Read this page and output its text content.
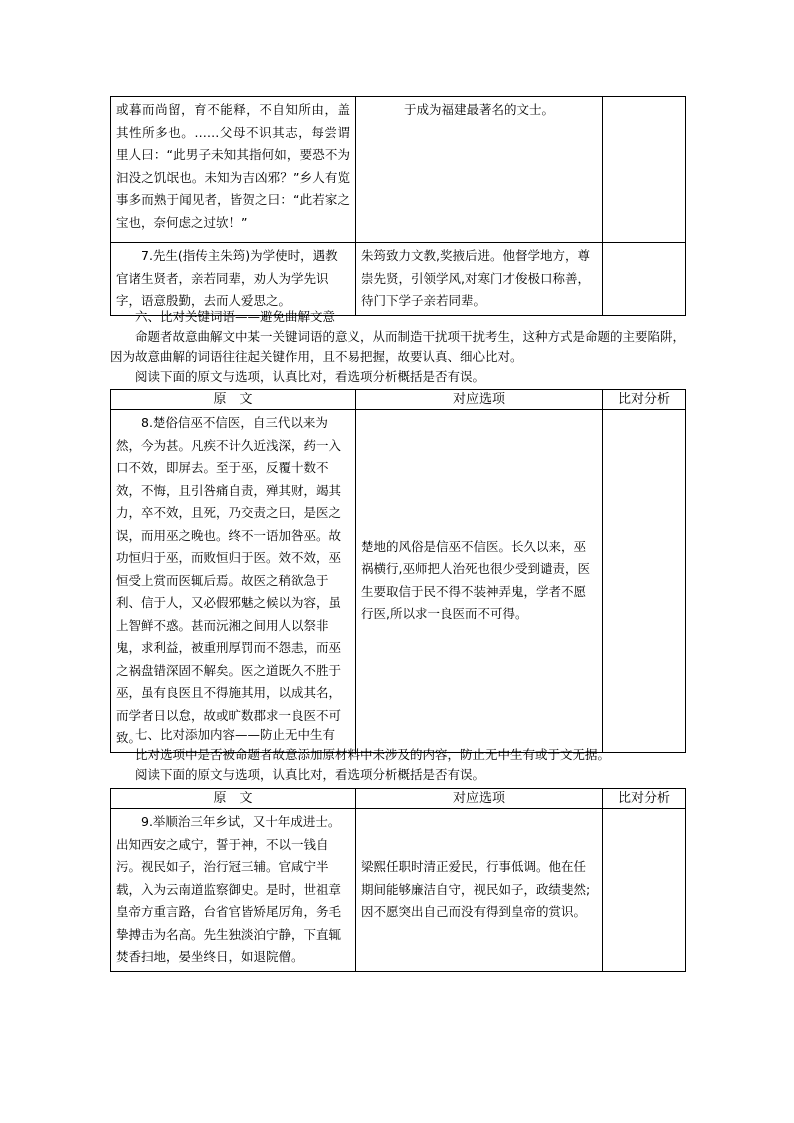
或暮而尚留，育不能释，不自知所由，盖其性所多也。……父母不识其志，每尝谓里人曰：“此男子未知其指何如，要恐不为汩没之饥氓也。未知为吉凶邪？”乡人有览事多而熟于闻见者，皆贺之曰：“此若家之宝也，奈何虑之过欤！”	于成为福建最著名的文士。	
7.先生(指传主朱筠)为学使时，遇教官诸生贤者，亲若同辈，劝人为学先识字，语意殷勤，去而人爱思之。	朱筠致力文教,奖掖后进。他督学地方，尊崇先贤，引领学风,对寒门才俊极口称善，待门下学子亲若同辈。	

六、比对关键词语——避免曲解文意

命题者故意曲解文中某一关键词语的意义，从而制造干扰项干扰考生，这种方式是命题的主要陷阱，因为故意曲解的词语往往起关键作用，且不易把握，故要认真、细心比对。

阅读下面的原文与选项，认真比对，看选项分析概括是否有误。

原　文	对应选项	比对分析
8.楚俗信巫不信医，自三代以来为然，今为甚。凡疾不计久近浅深，药一入口不效，即屏去。至于巫，反覆十数不效，不悔，且引咎痛自责，殚其财，竭其力，卒不效，且死，乃交责之曰，是医之误，而用巫之晚也。终不一语加咎巫。故功恒归于巫，而败恒归于医。效不效，巫恒受上赏而医辄后焉。故医之稍欲急于利、信于人，又必假邪魅之候以为容，虽上智鲜不惑。甚而沅湘之间用人以祭非鬼，求利益，被重刑厚罚而不怨恚，而巫之祸盘错深固不解矣。医之道既久不胜于巫，虽有良医且不得施其用，以成其名，而学者日以怠，故或旷数郡求一良医不可致。	楚地的风俗是信巫不信医。长久以来，巫祸横行,巫师把人治死也很少受到谴责，医生要取信于民不得不装神弄鬼，学者不愿行医,所以求一良医而不可得。	

七、比对添加内容——防止无中生有

比对选项中是否被命题者故意添加原材料中未涉及的内容，防止无中生有或于文无据。

阅读下面的原文与选项，认真比对，看选项分析概括是否有误。

原　文	对应选项	比对分析
9.举顺治三年乡试，又十年成进士。出知西安之咸宁，誓于神，不以一钱自污。视民如子，治行冠三辅。官咸宁半载，入为云南道监察御史。是时，世祖章皇帝方重言路，台省官皆矫尾厉角，务毛挚搏击为名高。先生独淡泊宁静，下直辄焚香扫地，晏坐终日，如退院僧。	梁熙任职时清正爱民，行事低调。他在任期间能够廉洁自守，视民如子，政绩斐然; 因不愿突出自己而没有得到皇帝的赏识。	
